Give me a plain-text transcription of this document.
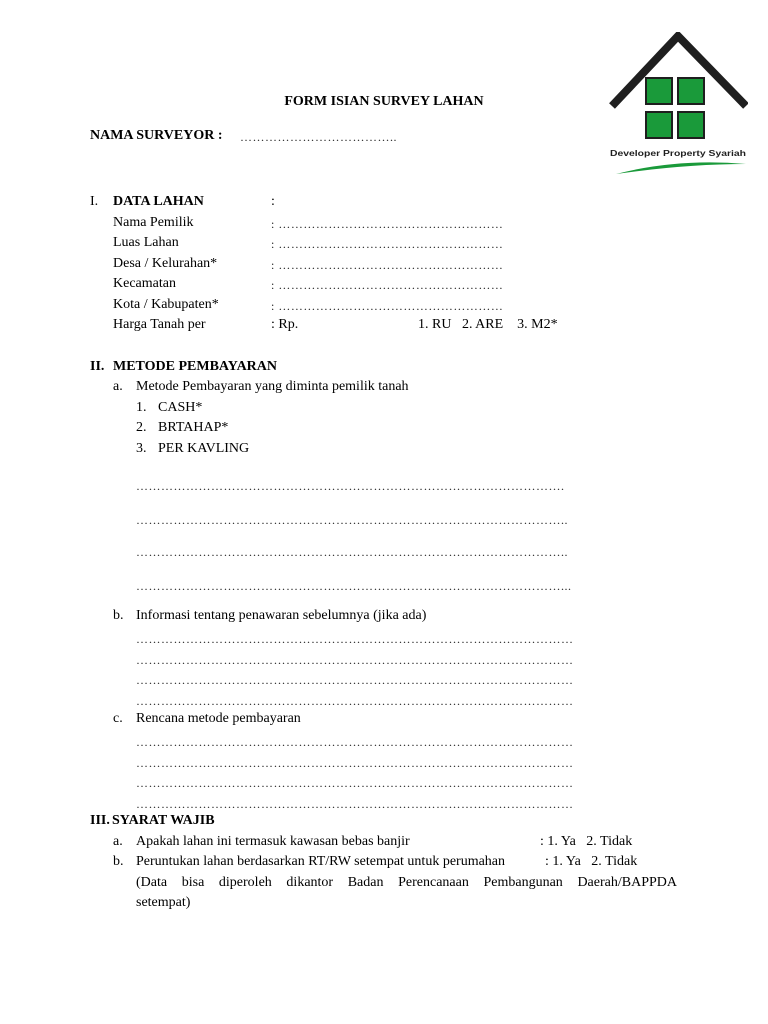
Developer Property Syariah
FORM ISIAN SURVEY LAHAN
NAMA SURVEYOR : ………………………………..
I. DATA LAHAN	:
Nama Pemilik	: ………………………………………………
Luas Lahan	: ………………………………………………
Desa / Kelurahan*	: ………………………………………………
Kecamatan	: ………………………………………………
Kota / Kabupaten*	: ………………………………………………
Harga Tanah per	: Rp.	1. RU   2. ARE    3. M2*
II. METODE PEMBAYARAN
a. Metode Pembayaran yang diminta pemilik tanah
1. CASH*
2. BRTAHAP*
3. PER KAVLING
………………………………………………………………………………………….
…………………………………………………………………………………………..
…………………………………………………………………………………………..
…………………………………………………………………………………………...
b. Informasi tentang penawaran sebelumnya (jika ada)
……………………………………………………………………………………………
……………………………………………………………………………………………
……………………………………………………………………………………………
……………………………………………………………………………………………
c. Rencana metode pembayaran
……………………………………………………………………………………………
……………………………………………………………………………………………
……………………………………………………………………………………………
……………………………………………………………………………………………
III. SYARAT WAJIB
a. Apakah lahan ini termasuk kawasan bebas banjir	: 1. Ya   2. Tidak
b. Peruntukan lahan berdasarkan RT/RW setempat untuk perumahan	: 1. Ya   2. Tidak
(Data bisa diperoleh dikantor Badan Perencanaan Pembangunan Daerah/BAPPDA
setempat)
